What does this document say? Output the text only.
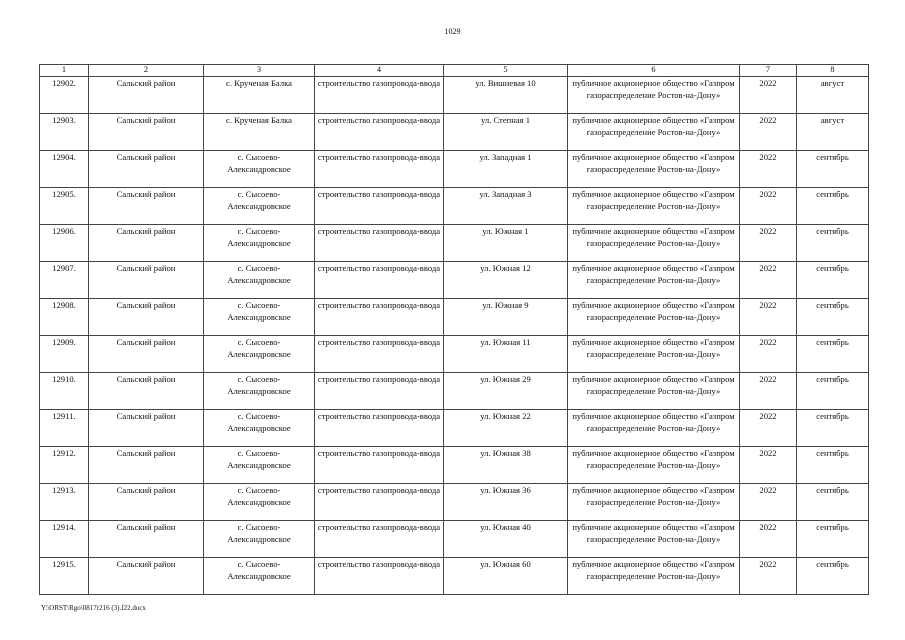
1029
1	2	3	4	5	6	7	8
12902.	Сальский район	с. Крученая Балка	строительство газопровода-ввода	ул. Вишневая 10	публичное акционерное общество «Газпром газораспределение Ростов-на-Дону»	2022	август
12903.	Сальский район	с. Крученая Балка	строительство газопровода-ввода	ул. Степная 1	публичное акционерное общество «Газпром газораспределение Ростов-на-Дону»	2022	август
12904.	Сальский район	с. Сысоево-Александровское	строительство газопровода-ввода	ул. Западная 1	публичное акционерное общество «Газпром газораспределение Ростов-на-Дону»	2022	сентябрь
12905.	Сальский район	с. Сысоево-Александровское	строительство газопровода-ввода	ул. Западная 3	публичное акционерное общество «Газпром газораспределение Ростов-на-Дону»	2022	сентябрь
12906.	Сальский район	с. Сысоево-Александровское	строительство газопровода-ввода	ул. Южная 1	публичное акционерное общество «Газпром газораспределение Ростов-на-Дону»	2022	сентябрь
12907.	Сальский район	с. Сысоево-Александровское	строительство газопровода-ввода	ул. Южная 12	публичное акционерное общество «Газпром газораспределение Ростов-на-Дону»	2022	сентябрь
12908.	Сальский район	с. Сысоево-Александровское	строительство газопровода-ввода	ул. Южная 9	публичное акционерное общество «Газпром газораспределение Ростов-на-Дону»	2022	сентябрь
12909.	Сальский район	с. Сысоево-Александровское	строительство газопровода-ввода	ул. Южная 11	публичное акционерное общество «Газпром газораспределение Ростов-на-Дону»	2022	сентябрь
12910.	Сальский район	с. Сысоево-Александровское	строительство газопровода-ввода	ул. Южная 29	публичное акционерное общество «Газпром газораспределение Ростов-на-Дону»	2022	сентябрь
12911.	Сальский район	с. Сысоево-Александровское	строительство газопровода-ввода	ул. Южная 22	публичное акционерное общество «Газпром газораспределение Ростов-на-Дону»	2022	сентябрь
12912.	Сальский район	с. Сысоево-Александровское	строительство газопровода-ввода	ул. Южная 38	публичное акционерное общество «Газпром газораспределение Ростов-на-Дону»	2022	сентябрь
12913.	Сальский район	с. Сысоево-Александровское	строительство газопровода-ввода	ул. Южная 36	публичное акционерное общество «Газпром газораспределение Ростов-на-Дону»	2022	сентябрь
12914.	Сальский район	с. Сысоево-Александровское	строительство газопровода-ввода	ул. Южная 40	публичное акционерное общество «Газпром газораспределение Ростов-на-Дону»	2022	сентябрь
12915.	Сальский район	с. Сысоево-Александровское	строительство газопровода-ввода	ул. Южная 60	публичное акционерное общество «Газпром газораспределение Ростов-на-Дону»	2022	сентябрь
Y:\ORST\Rgo\0817r216 (3).f22.docx
